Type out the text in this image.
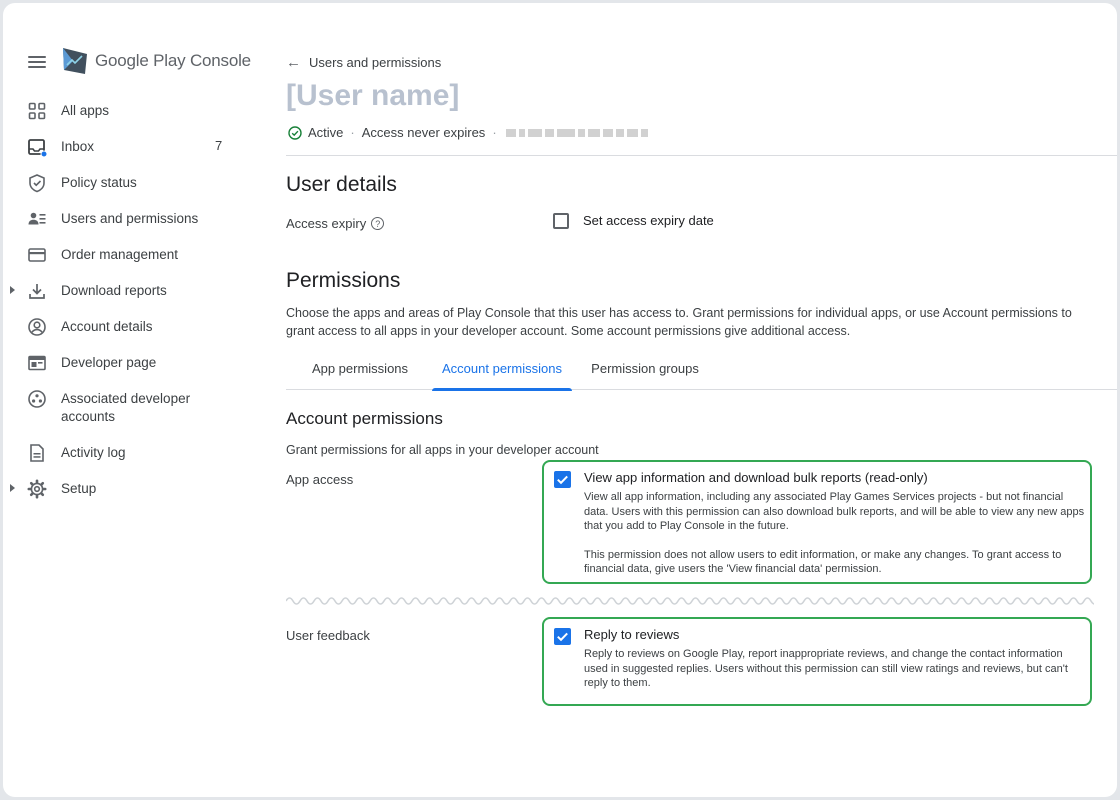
Google Play Console
All apps
Inbox	7
Policy status
Users and permissions
Order management
Download reports
Account details
Developer page
Associated developer accounts
Activity log
Setup
← Users and permissions
[User name]
Active · Access never expires ·
User details
Access expiry ?	Set access expiry date
Permissions
Choose the apps and areas of Play Console that this user has access to. Grant permissions for individual apps, or use Account permissions to grant access to all apps in your developer account. Some account permissions give additional access.
App permissions	Account permissions	Permission groups
Account permissions
Grant permissions for all apps in your developer account
App access	View app information and download bulk reports (read-only)
View all app information, including any associated Play Games Services projects - but not financial data. Users with this permission can also download bulk reports, and will be able to view any new apps that you add to Play Console in the future.
This permission does not allow users to edit information, or make any changes. To grant access to financial data, give users the 'View financial data' permission.
User feedback	Reply to reviews
Reply to reviews on Google Play, report inappropriate reviews, and change the contact information used in suggested replies. Users without this permission can still view ratings and reviews, but can't reply to them.
